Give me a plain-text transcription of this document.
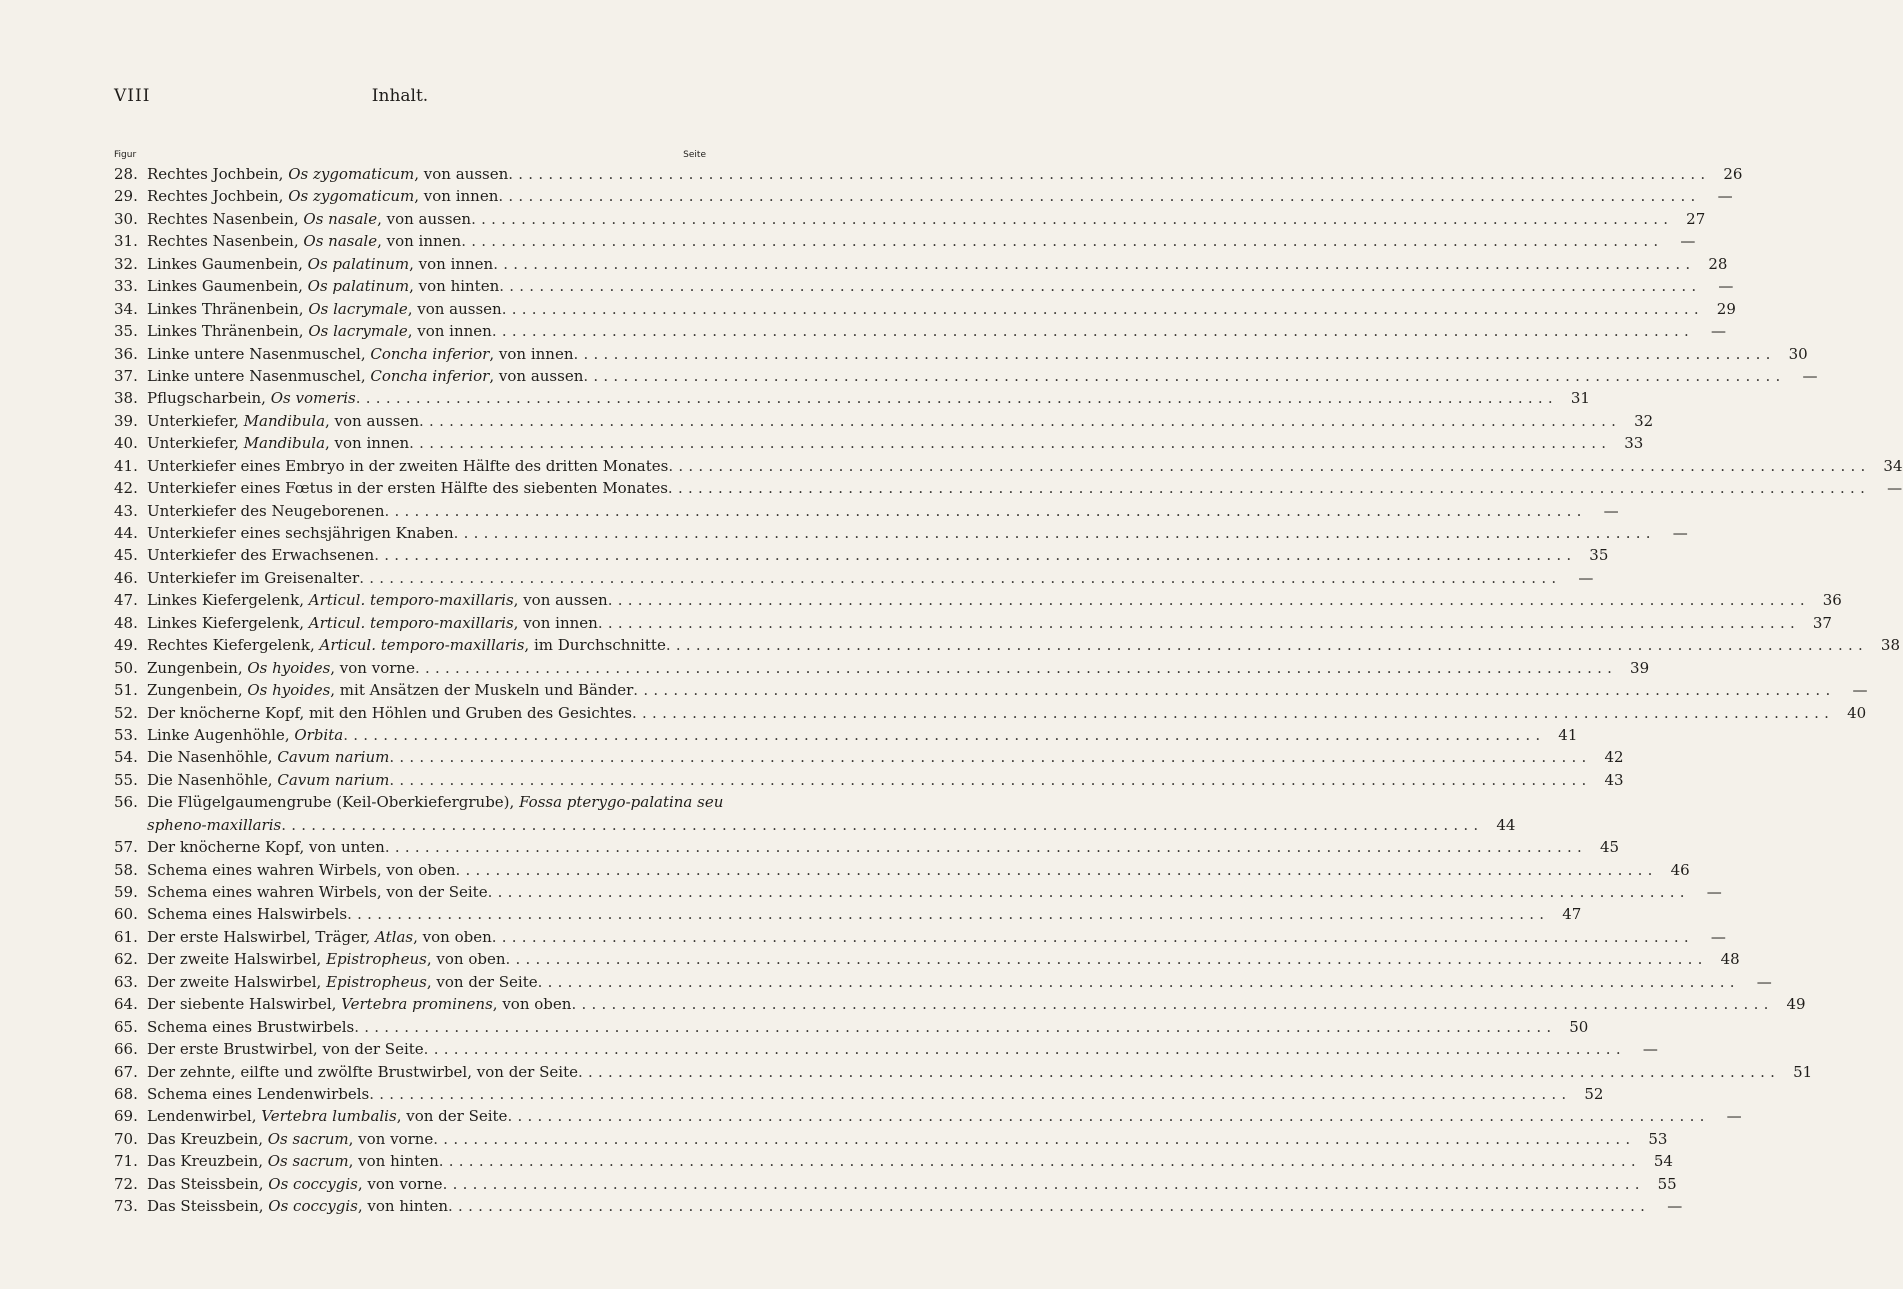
VIII	Inhalt.
Figur	Seite
28. Rechtes Jochbein, Os zygomaticum, von aussen ........................................................................................................................ 26
29. Rechtes Jochbein, Os zygomaticum, von innen ........................................................................................................................	—
30. Rechtes Nasenbein, Os nasale, von aussen ........................................................................................................................ 27
31. Rechtes Nasenbein, Os nasale, von innen ........................................................................................................................	—
32. Linkes Gaumenbein, Os palatinum, von innen ........................................................................................................................ 28
33. Linkes Gaumenbein, Os palatinum, von hinten ........................................................................................................................	—
34. Linkes Thränenbein, Os lacrymale, von aussen ........................................................................................................................ 29
35. Linkes Thränenbein, Os lacrymale, von innen ........................................................................................................................	—
36. Linke untere Nasenmuschel, Concha inferior, von innen ........................................................................................................................ 30
37. Linke untere Nasenmuschel, Concha inferior, von aussen ........................................................................................................................	—
38. Pflugscharbein, Os vomeris ........................................................................................................................ 31
39. Unterkiefer, Mandibula, von aussen ........................................................................................................................ 32
40. Unterkiefer, Mandibula, von innen ........................................................................................................................ 33
41. Unterkiefer eines Embryo in der zweiten Hälfte des dritten Monates ........................................................................................................................ 34
42. Unterkiefer eines Fœtus in der ersten Hälfte des siebenten Monates ........................................................................................................................	—
43. Unterkiefer des Neugeborenen ........................................................................................................................	—
44. Unterkiefer eines sechsjährigen Knaben ........................................................................................................................	—
45. Unterkiefer des Erwachsenen ........................................................................................................................ 35
46. Unterkiefer im Greisenalter ........................................................................................................................	—
47. Linkes Kiefergelenk, Articul. temporo-maxillaris, von aussen ........................................................................................................................ 36
48. Linkes Kiefergelenk, Articul. temporo-maxillaris, von innen ........................................................................................................................ 37
49. Rechtes Kiefergelenk, Articul. temporo-maxillaris, im Durchschnitte ........................................................................................................................ 38
50. Zungenbein, Os hyoides, von vorne ........................................................................................................................ 39
51. Zungenbein, Os hyoides, mit Ansätzen der Muskeln und Bänder ........................................................................................................................	—
52. Der knöcherne Kopf, mit den Höhlen und Gruben des Gesichtes ........................................................................................................................ 40
53. Linke Augenhöhle, Orbita ........................................................................................................................ 41
54. Die Nasenhöhle, Cavum narium ........................................................................................................................ 42
55. Die Nasenhöhle, Cavum narium ........................................................................................................................ 43
56. Die Flügelgaumengrube (Keil-Oberkiefergrube), Fossa pterygo-palatina seu
spheno-maxillaris ........................................................................................................................ 44
57. Der knöcherne Kopf, von unten ........................................................................................................................ 45
58. Schema eines wahren Wirbels, von oben ........................................................................................................................ 46
59. Schema eines wahren Wirbels, von der Seite ........................................................................................................................	—
60. Schema eines Halswirbels ........................................................................................................................ 47
61. Der erste Halswirbel, Träger, Atlas, von oben ........................................................................................................................	—
62. Der zweite Halswirbel, Epistropheus, von oben ........................................................................................................................ 48
63. Der zweite Halswirbel, Epistropheus, von der Seite ........................................................................................................................	—
64. Der siebente Halswirbel, Vertebra prominens, von oben ........................................................................................................................ 49
65. Schema eines Brustwirbels ........................................................................................................................ 50
66. Der erste Brustwirbel, von der Seite ........................................................................................................................	—
67. Der zehnte, eilfte und zwölfte Brustwirbel, von der Seite ........................................................................................................................ 51
68. Schema eines Lendenwirbels ........................................................................................................................ 52
69. Lendenwirbel, Vertebra lumbalis, von der Seite ........................................................................................................................	—
70. Das Kreuzbein, Os sacrum, von vorne ........................................................................................................................ 53
71. Das Kreuzbein, Os sacrum, von hinten ........................................................................................................................ 54
72. Das Steissbein, Os coccygis, von vorne ........................................................................................................................ 55
73. Das Steissbein, Os coccygis, von hinten ........................................................................................................................	—
